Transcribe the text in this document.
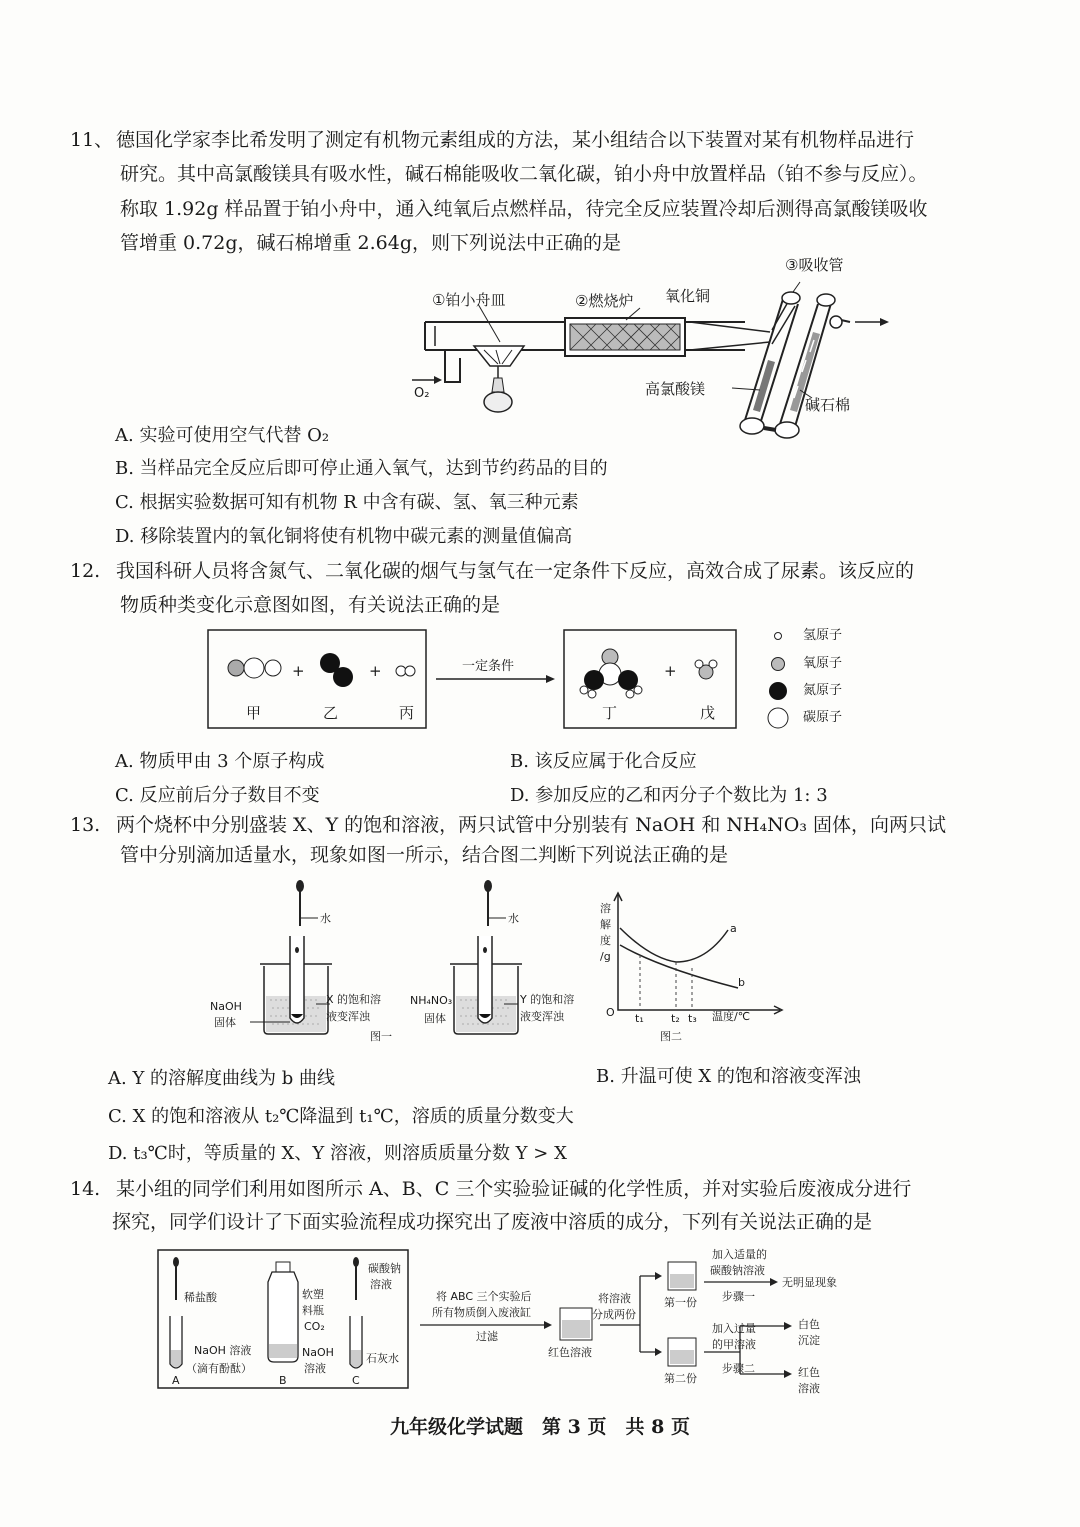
11、 德国化学家李比希发明了测定有机物元素组成的方法，某小组结合以下装置对某有机物样品进行
研究。其中高氯酸镁具有吸水性，碱石棉能吸收二氧化碳，铂小舟中放置样品（铂不参与反应）。
称取 1.92g 样品置于铂小舟中，通入纯氧后点燃样品，待完全反应装置冷却后测得高氯酸镁吸收
管增重 0.72g，碱石棉增重 2.64g，则下列说法中正确的是
①铂小舟皿	②燃烧炉 氧化铜
③吸收管
高氯酸镁
碱石棉
O₂
A. 实验可使用空气代替 O₂
B. 当样品完全反应后即可停止通入氧气，达到节约药品的目的
C. 根据实验数据可知有机物 R 中含有碳、氢、氧三种元素
D. 移除装置内的氧化铜将使有机物中碳元素的测量值偏高
12. 我国科研人员将含氮气、二氧化碳的烟气与氢气在一定条件下反应，高效合成了尿素。该反应的
物质种类变化示意图如图，有关说法正确的是
+	+	+
甲	乙	丙	丁	戊
一定条件
氢原子
氧原子
氮原子
碳原子
A. 物质甲由 3 个原子构成	B. 该反应属于化合反应
C. 反应前后分子数目不变	D. 参加反应的乙和丙分子个数比为 1: 3
13. 两个烧杯中分别盛装 X、Y 的饱和溶液，两只试管中分别装有 NaOH 和 NH₄NO₃ 固体，向两只试
管中分别滴加适量水，现象如图一所示，结合图二判断下列说法正确的是
水	水
NaOH
固体
X 的饱和溶
液变浑浊
NH₄NO₃
固体
Y 的饱和溶
液变浑浊
图一
溶
解
度
/g
O t₁ t₂ t₃ 温度/℃
a
b
图二
A. Y 的溶解度曲线为 b 曲线	B. 升温可使 X 的饱和溶液变浑浊
C. X 的饱和溶液从 t₂℃降温到 t₁℃，溶质的质量分数变大
D. t₃℃时，等质量的 X、Y 溶液，则溶质质量分数 Y > X
14. 某小组的同学们利用如图所示 A、B、C 三个实验验证碱的化学性质，并对实验后废液成分进行
探究，同学们设计了下面实验流程成功探究出了废液中溶质的成分，下列有关说法正确的是
稀盐酸
NaOH 溶液
（滴有酚酞）
软塑
料瓶
CO₂
NaOH
溶液
碳酸钠
溶液
石灰水
A	B	C
将 ABC 三个实验后
所有物质倒入废液缸
过滤
红色溶液
将溶液
分成两份
第一份
第二份
加入适量的
碳酸钠溶液
步骤一
无明显现象
加入过量
的甲溶液
步骤二
白色
沉淀
红色
溶液
九年级化学试题　第 3 页　共 8 页
